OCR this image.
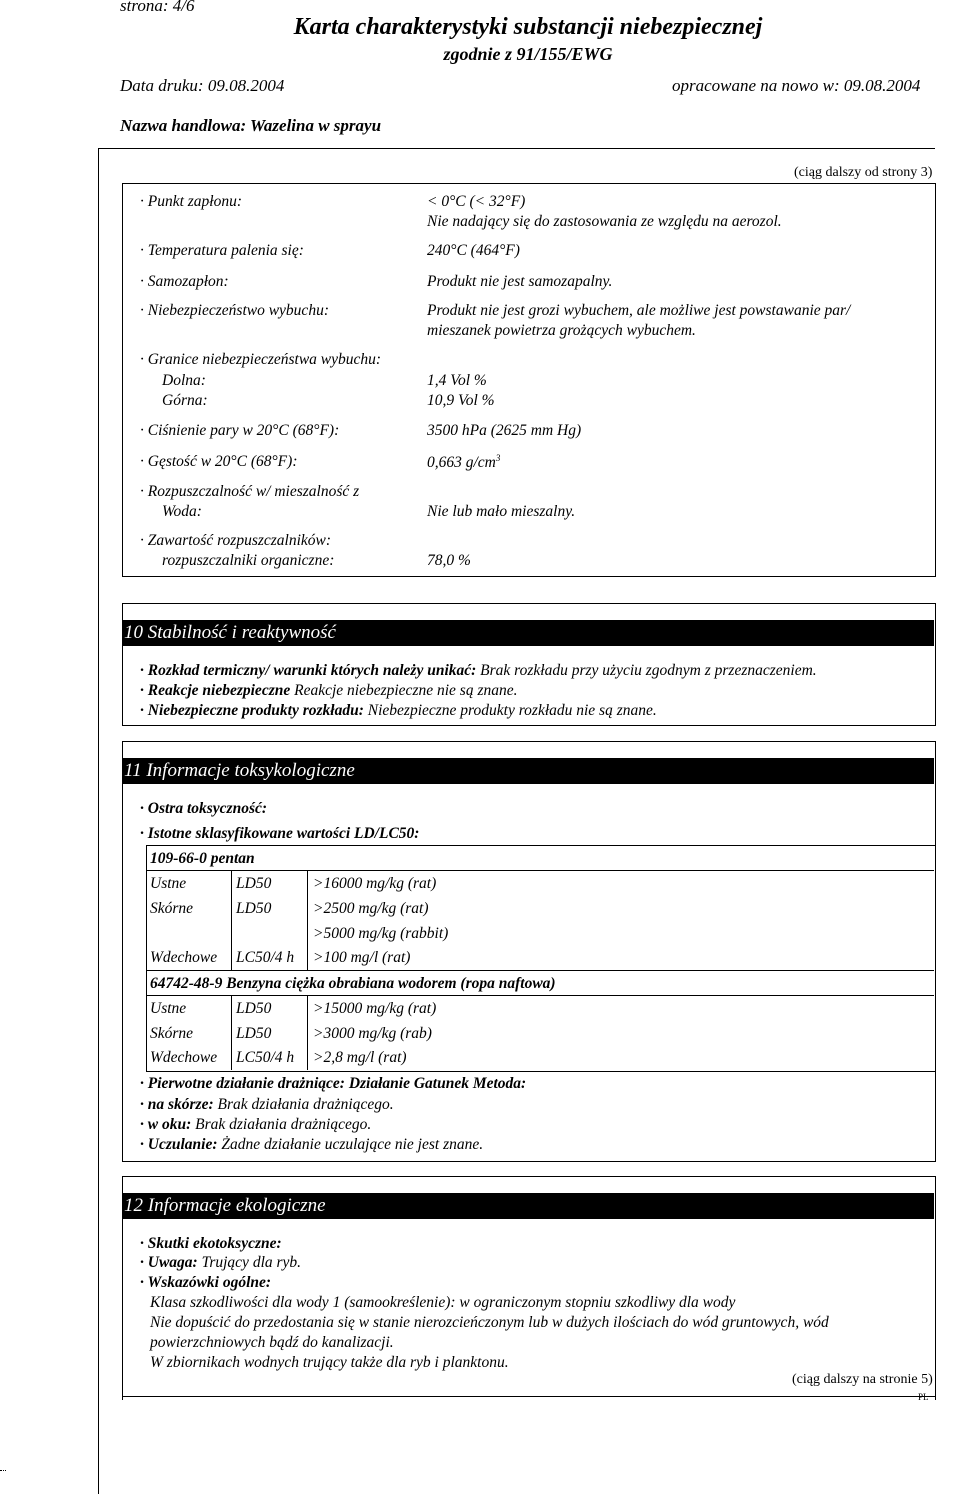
strona: 4/6
Karta charakterystyki substancji niebezpiecznej
zgodnie z 91/155/EWG
Data druku: 09.08.2004	opracowane na nowo w: 09.08.2004
Nazwa handlowa: Wazelina w sprayu
(ciąg dalszy od strony 3)
· Punkt zapłonu:	< 0°C (< 32°F)
Nie nadający się do zastosowania ze względu na aerozol.
· Temperatura palenia się:	240°C (464°F)
· Samozapłon:	Produkt nie jest samozapalny.
· Niebezpieczeństwo wybuchu:	Produkt nie jest grozi wybuchem, ale możliwe jest powstawanie par/
mieszanek powietrza grożących wybuchem.
· Granice niebezpieczeństwa wybuchu:
Dolna:	1,4 Vol %
Górna:	10,9 Vol %
· Ciśnienie pary w 20°C (68°F):	3500 hPa (2625 mm Hg)
· Gęstość w 20°C (68°F):	0,663 $g/cm^3$
· Rozpuszczalność w/ mieszalność z
Woda:	Nie lub mało mieszalny.
· Zawartość rozpuszczalników:
rozpuszczalniki organiczne:	78,0 %
10 Stabilność i reaktywność
· Rozkład termiczny/ warunki których należy unikać: Brak rozkładu przy użyciu zgodnym z przeznaczeniem.
· Reakcje niebezpieczne Reakcje niebezpieczne nie są znane.
· Niebezpieczne produkty rozkładu: Niebezpieczne produkty rozkładu nie są znane.
11 Informacje toksykologiczne
· Ostra toksyczność:
· Istotne sklasyfikowane wartości LD/LC50:
109-66-0 pentan
Ustne	LD50	>16000 mg/kg (rat)
Skórne	LD50	>2500 mg/kg (rat)
>5000 mg/kg (rabbit)
Wdechowe LC50/4 h >100 mg/l (rat)
64742-48-9 Benzyna ciężka obrabiana wodorem (ropa naftowa)
Ustne	LD50	>15000 mg/kg (rat)
Skórne	LD50	>3000 mg/kg (rab)
Wdechowe LC50/4 h >2,8 mg/l (rat)
· Pierwotne działanie drażniące: Działanie Gatunek Metoda:
· na skórze: Brak działania drażniącego.
· w oku: Brak działania drażniącego.
· Uczulanie: Żadne działanie uczulające nie jest znane.
12 Informacje ekologiczne
· Skutki ekotoksyczne:
· Uwaga: Trujący dla ryb.
· Wskazówki ogólne:
Klasa szkodliwości dla wody 1 (samookreślenie): w ograniczonym stopniu szkodliwy dla wody
Nie dopuścić do przedostania się w stanie nierozcieńczonym lub w dużych ilościach do wód gruntowych, wód
powierzchniowych bądź do kanalizacji.
W zbiornikach wodnych trujący także dla ryb i planktonu.
(ciąg dalszy na stronie 5)
PL
